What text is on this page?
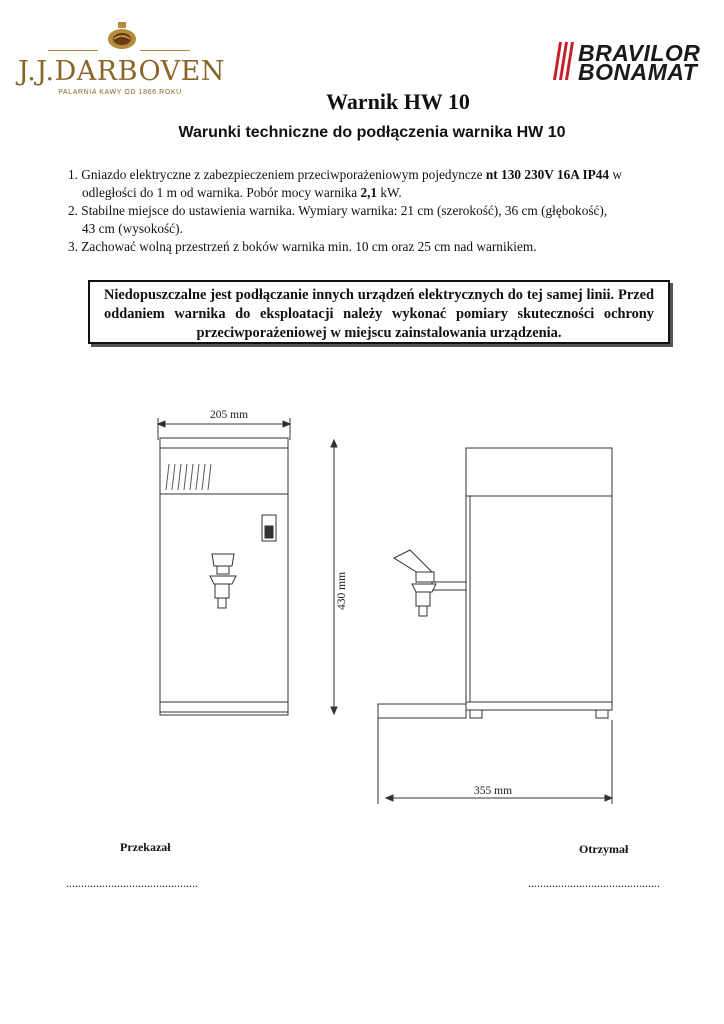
J.J.DARBOVEN
PALARNIA KAWY OD 1866 ROKU
BRAVILOR
BONAMAT
Warnik HW 10
Warunki techniczne do podłączenia warnika HW 10
1. Gniazdo elektryczne z zabezpieczeniem przeciwporażeniowym pojedyncze nt 130 230V 16A IP44 w
odległości do 1 m od warnika. Pobór mocy warnika 2,1 kW.
2. Stabilne miejsce do ustawienia warnika. Wymiary warnika: 21 cm (szerokość), 36 cm (głębokość),
43 cm (wysokość).
3. Zachować wolną przestrzeń z boków warnika min. 10 cm oraz 25 cm nad warnikiem.
Niedopuszczalne jest podłączanie innych urządzeń elektrycznych do tej samej linii. Przed oddaniem warnika do eksploatacji należy wykonać pomiary skuteczności ochrony przeciwporażeniowej w miejscu zainstalowania urządzenia.
205 mm
430 mm
355 mm
Przekazał	Otrzymał
............................................	............................................
